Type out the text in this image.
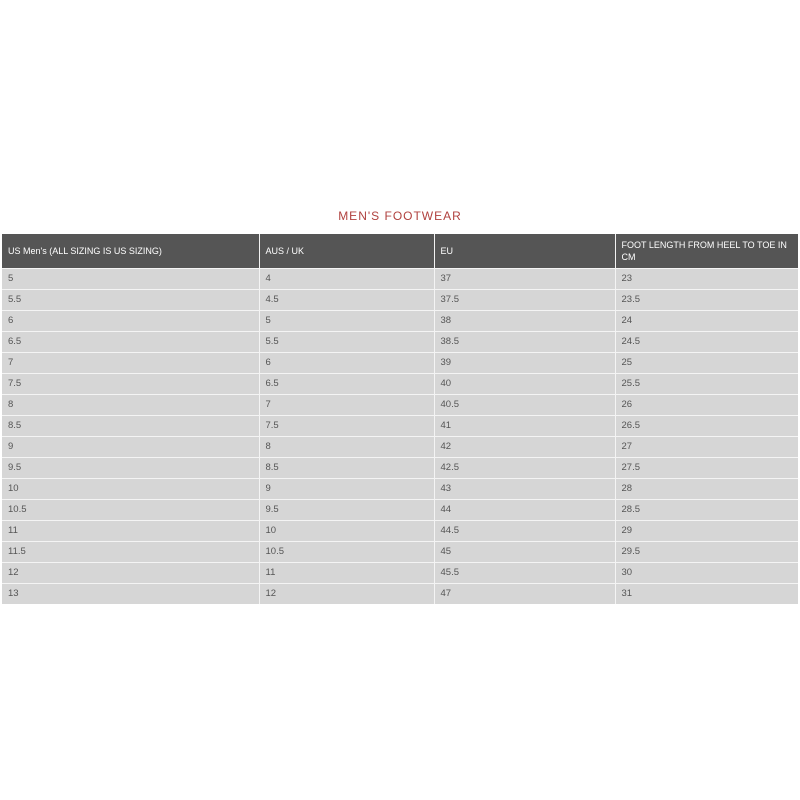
MEN'S FOOTWEAR
US Men's (ALL SIZING IS US SIZING)	AUS / UK	EU	FOOT LENGTH FROM HEEL TO TOE IN CM
5	4	37	23
5.5	4.5	37.5	23.5
6	5	38	24
6.5	5.5	38.5	24.5
7	6	39	25
7.5	6.5	40	25.5
8	7	40.5	26
8.5	7.5	41	26.5
9	8	42	27
9.5	8.5	42.5	27.5
10	9	43	28
10.5	9.5	44	28.5
11	10	44.5	29
11.5	10.5	45	29.5
12	11	45.5	30
13	12	47	31
